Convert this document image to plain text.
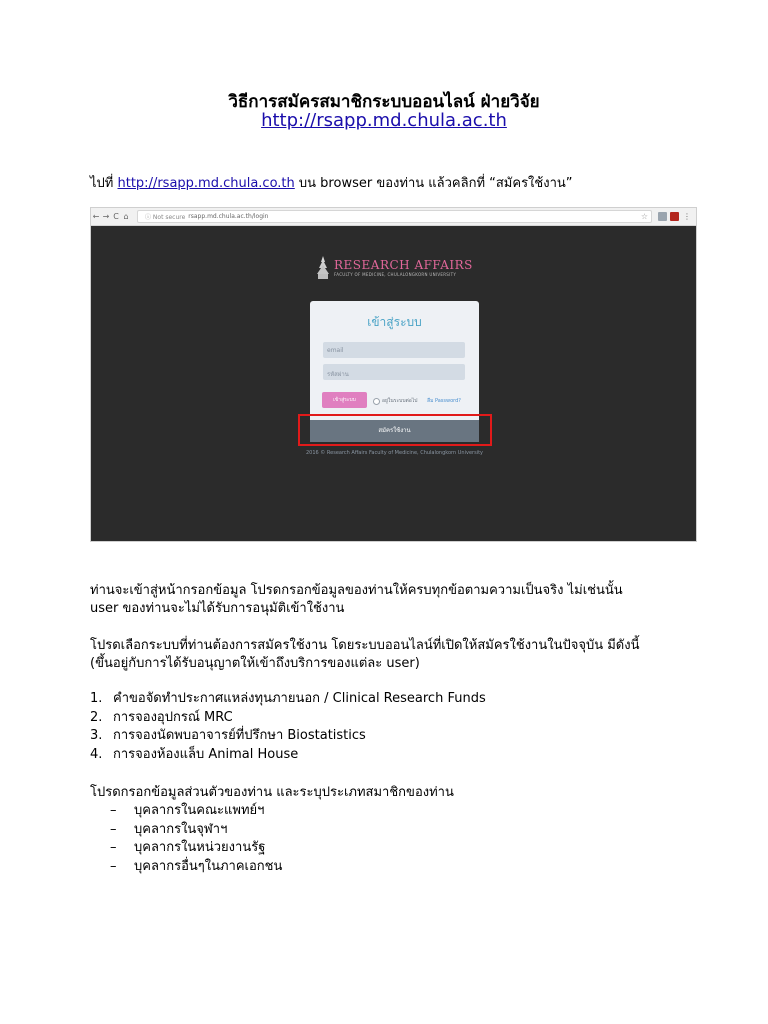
วิธีการสมัครสมาชิกระบบออนไลน์ ฝ่ายวิจัย
http://rsapp.md.chula.ac.th
ไปที่ http://rsapp.md.chula.co.th บน browser ของท่าน แล้วคลิกที่ “สมัครใช้งาน”
← → C ⌂	ⓘ Not secure rsapp.md.chula.ac.th/login	☆	⋮
RESEARCH AFFAIRS
FACULTY OF MEDICINE, CHULALONGKORN UNIVERSITY
เข้าสู่ระบบ
email
รหัสผ่าน
เข้าสู่ระบบ	อยู่ในระบบต่อไป ลืม Password?
สมัครใช้งาน
2016 © Research Affairs Faculty of Medicine, Chulalongkorn University
ท่านจะเข้าสู่หน้ากรอกข้อมูล โปรดกรอกข้อมูลของท่านให้ครบทุกข้อตามความเป็นจริง ไม่เช่นนั้น
user ของท่านจะไม่ได้รับการอนุมัติเข้าใช้งาน
โปรดเลือกระบบที่ท่านต้องการสมัครใช้งาน โดยระบบออนไลน์ที่เปิดให้สมัครใช้งานในปัจจุบัน มีดังนี้
(ขึ้นอยู่กับการได้รับอนุญาตให้เข้าถึงบริการของแต่ละ user)
1. คำขอจัดทำประกาศแหล่งทุนภายนอก / Clinical Research Funds
2. การจองอุปกรณ์ MRC
3. การจองนัดพบอาจารย์ที่ปรึกษา Biostatistics
4. การจองห้องแล็บ Animal House
โปรดกรอกข้อมูลส่วนตัวของท่าน และระบุประเภทสมาชิกของท่าน
– บุคลากรในคณะแพทย์ฯ
– บุคลากรในจุฬาฯ
– บุคลากรในหน่วยงานรัฐ
– บุคลากรอื่นๆในภาคเอกชน
